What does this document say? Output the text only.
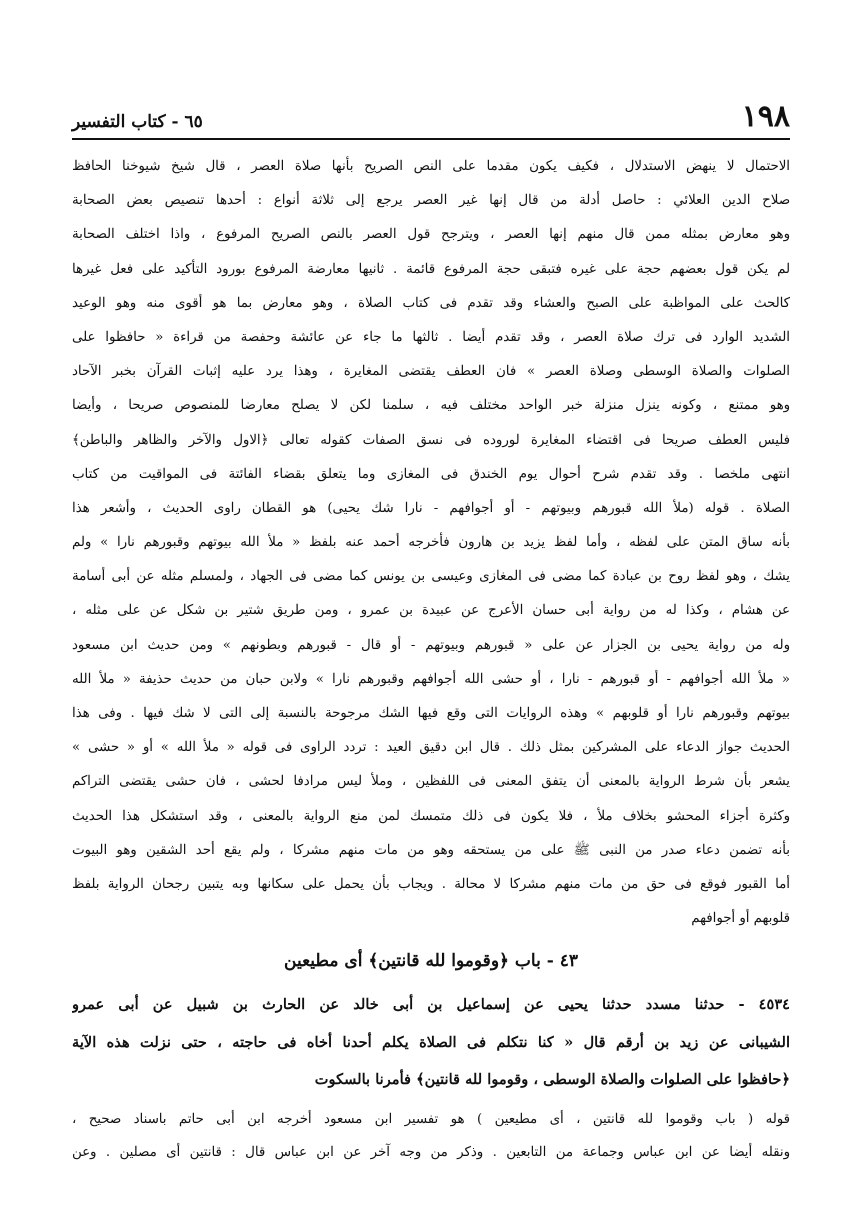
١٩٨
٦٥ - كتاب التفسير
الاحتمال لا ينهض الاستدلال ، فكيف يكون مقدما على النص الصريح بأنها صلاة العصر ، قال شيخ شيوخنا الحافظ
صلاح الدين العلائي : حاصل أدلة من قال إنها غير العصر يرجع إلى ثلاثة أنواع : أحدها تنصيص بعض الصحابة
وهو معارض بمثله ممن قال منهم إنها العصر ، ويترجح قول العصر بالنص الصريح المرفوع ، واذا اختلف الصحابة
لم يكن قول بعضهم حجة على غيره فتبقى حجة المرفوع قائمة . ثانيها معارضة المرفوع بورود التأكيد على فعل غيرها
كالحث على المواظبة على الصبح والعشاء وقد تقدم فى كتاب الصلاة ، وهو معارض بما هو أقوى منه وهو الوعيد
الشديد الوارد فى ترك صلاة العصر ، وقد تقدم أيضا . ثالثها ما جاء عن عائشة وحفصة من قراءة « حافظوا على
الصلوات والصلاة الوسطى وصلاة العصر » فان العطف يقتضى المغايرة ، وهذا يرد عليه إثبات القرآن بخبر الآحاد
وهو ممتنع ، وكونه ينزل منزلة خبر الواحد مختلف فيه ، سلمنا لكن لا يصلح معارضا للمنصوص صريحا ، وأيضا
فليس العطف صريحا فى اقتضاء المغايرة لوروده فى نسق الصفات كقوله تعالى ﴿الاول والآخر والظاهر والباطن﴾
انتهى ملخصا . وقد تقدم شرح أحوال يوم الخندق فى المغازى وما يتعلق بقضاء الفائتة فى المواقيت من كتاب
الصلاة . قوله (ملأ الله قبورهم وبيوتهم - أو أجوافهم - نارا شك يحيى) هو القطان راوى الحديث ، وأشعر هذا
بأنه ساق المتن على لفظه ، وأما لفظ يزيد بن هارون فأخرجه أحمد عنه بلفظ « ملأ الله بيوتهم وقبورهم نارا » ولم
يشك ، وهو لفظ روح بن عبادة كما مضى فى المغازى وعيسى بن يونس كما مضى فى الجهاد ، ولمسلم مثله عن أبى أسامة
عن هشام ، وكذا له من رواية أبى حسان الأعرج عن عبيدة بن عمرو ، ومن طريق شتير بن شكل عن على مثله ،
وله من رواية يحيى بن الجزار عن على « قبورهم وبيوتهم - أو قال - قبورهم وبطونهم » ومن حديث ابن مسعود
« ملأ الله أجوافهم - أو قبورهم - نارا ، أو حشى الله أجوافهم وقبورهم نارا » ولابن حبان من حديث حذيفة « ملأ الله
بيوتهم وقبورهم نارا أو قلوبهم » وهذه الروايات التى وقع فيها الشك مرجوحة بالنسبة إلى التى لا شك فيها . وفى هذا
الحديث جواز الدعاء على المشركين بمثل ذلك . قال ابن دقيق العيد : تردد الراوى فى قوله « ملأ الله » أو « حشى »
يشعر بأن شرط الرواية بالمعنى أن يتفق المعنى فى اللفظين ، وملأ ليس مرادفا لحشى ، فان حشى يقتضى التراكم
وكثرة أجزاء المحشو بخلاف ملأ ، فلا يكون فى ذلك متمسك لمن منع الرواية بالمعنى ، وقد استشكل هذا الحديث
بأنه تضمن دعاء صدر من النبى ﷺ على من يستحقه وهو من مات منهم مشركا ، ولم يقع أحد الشقين وهو البيوت
أما القبور فوقع فى حق من مات منهم مشركا لا محالة . ويجاب بأن يحمل على سكانها وبه يتبين رجحان الرواية بلفظ
قلوبهم أو أجوافهم
٤٣ - باب ﴿وقوموا لله قانتين﴾ أى مطيعين
٤٥٣٤ - حدثنا مسدد حدثنا يحيى عن إسماعيل بن أبى خالد عن الحارث بن شبيل عن أبى عمرو
الشيبانى عن زيد بن أرقم قال « كنا نتكلم فى الصلاة يكلم أحدنا أخاه فى حاجته ، حتى نزلت هذه الآية
﴿حافظوا على الصلوات والصلاة الوسطى ، وقوموا لله قانتين﴾ فأمرنا بالسكوت
قوله ( باب وقوموا لله قانتين ، أى مطيعين ) هو تفسير ابن مسعود أخرجه ابن أبى حاتم باسناد صحيح ،
ونقله أيضا عن ابن عباس وجماعة من التابعين . وذكر من وجه آخر عن ابن عباس قال : قانتين أى مصلين . وعن
